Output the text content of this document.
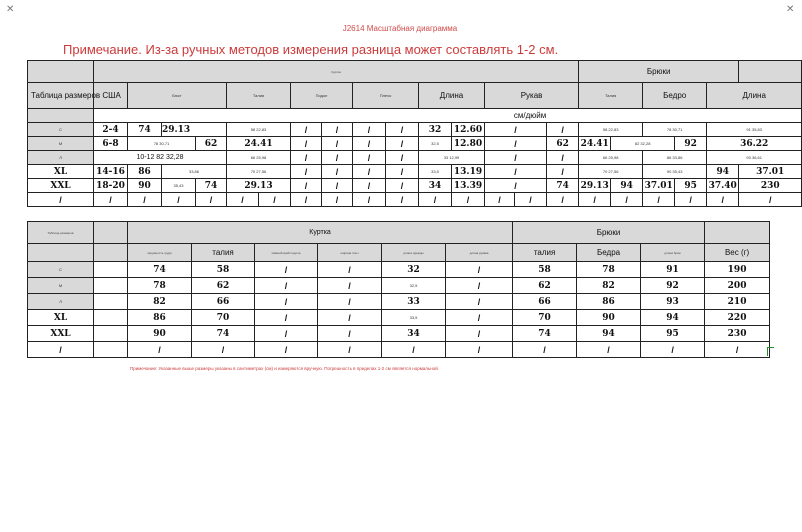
✕	✕
J2614 Масштабная диаграмма
Примечание. Из-за ручных методов измерения разница может составлять 1-2 см.
	Куртка															Брюки						
Таблица размеров США		Бюст			Талия		Подол		Плечо		Длина		Рукав			Талия		Бедро		Длина	
	см/дюйм																					
С	2-4	74	29.13		58 22,83		/	/	/	/	32	12.60	/		/	58 22,83		78 30,71		91 35,83	
М	6-8	78 30,71		62	24.41		/	/	/	/	32,5	12.80	/		62	24.41	82 32,28		92	36.22	
Л	10-12 82 32,28				66 25,98		/	/	/	/	33 12,99		/		/	66 25,98		86 33,86		93 36,61	
XL	14-16	86	33,86		70 27,56		/	/	/	/	33,5	13.19	/		/	70 27,56		90 35,43		94	37.01	
XXL	18-20	90	35,43	74	29.13		/	/	/	/	34	13.39	/		74	29.13	94	37.01	95	37.40	230	
/	/	/	/	/	/	/	/	/	/	/	/	/	/	/	/	/	/	/	/	/	/	
Таблица размеров		Куртка						Брюки			
		окружность груди	талия	Нижний край подола	ширина плеч	длина одежды	длина рукава	талия	Бедра	длина брюк	Вес (г)
С		74	58	/	/	32	/	58	78	91	190
М		78	62	/	/	32,5	/	62	82	92	200
Л		82	66	/	/	33	/	66	86	93	210
XL		86	70	/	/	33,5	/	70	90	94	220
XXL		90	74	/	/	34	/	74	94	95	230
/		/	/	/	/	/	/	/	/	/	/
Примечание: Указанные выше размеры указаны в сантиметрах (см) и измеряются вручную. Погрешность в пределах 1-2 см является нормальной.
